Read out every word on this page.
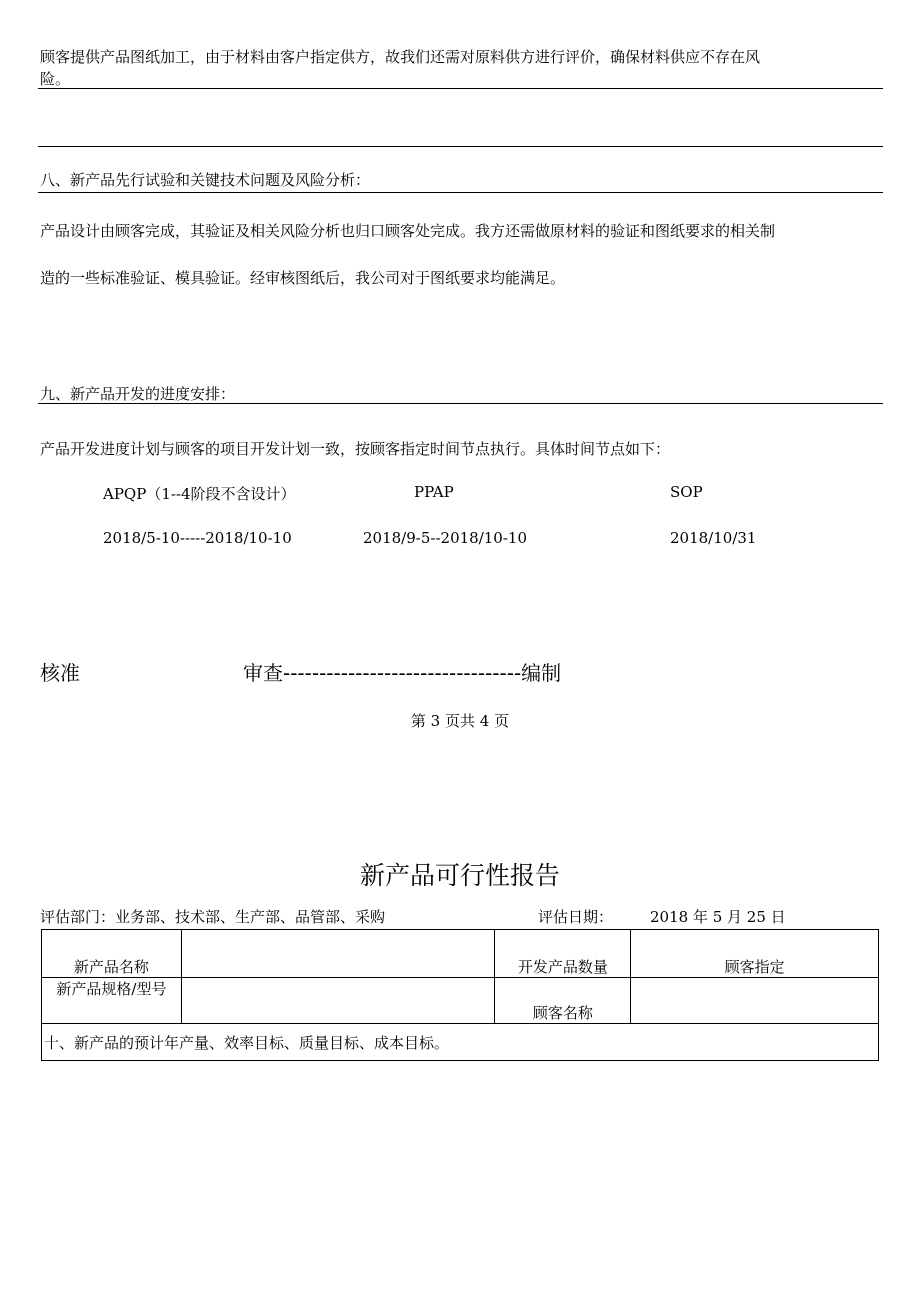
顾客提供产品图纸加工，由于材料由客户指定供方，故我们还需对原料供方进行评价，确保材料供应不存在风
险。
八、新产品先行试验和关键技术问题及风险分析：
产品设计由顾客完成，其验证及相关风险分析也归口顾客处完成。我方还需做原材料的验证和图纸要求的相关制
造的一些标准验证、模具验证。经审核图纸后，我公司对于图纸要求均能满足。
九、新产品开发的进度安排：
产品开发进度计划与顾客的项目开发计划一致，按顾客指定时间节点执行。具体时间节点如下：
APQP（1--4阶段不含设计）	PPAP	SOP
2018/5-10-----2018/10-10	2018/9-5--2018/10-10	2018/10/31
核准	审查---------------------------------编制
第 3 页共 4 页
新产品可行性报告
评估部门：业务部、技术部、生产部、品管部、采购	评估日期： 2018 年 5 月 25 日
新产品名称		开发产品数量	顾客指定
新产品规格/型号		顾客名称	
十、新产品的预计年产量、效率目标、质量目标、成本目标。			
